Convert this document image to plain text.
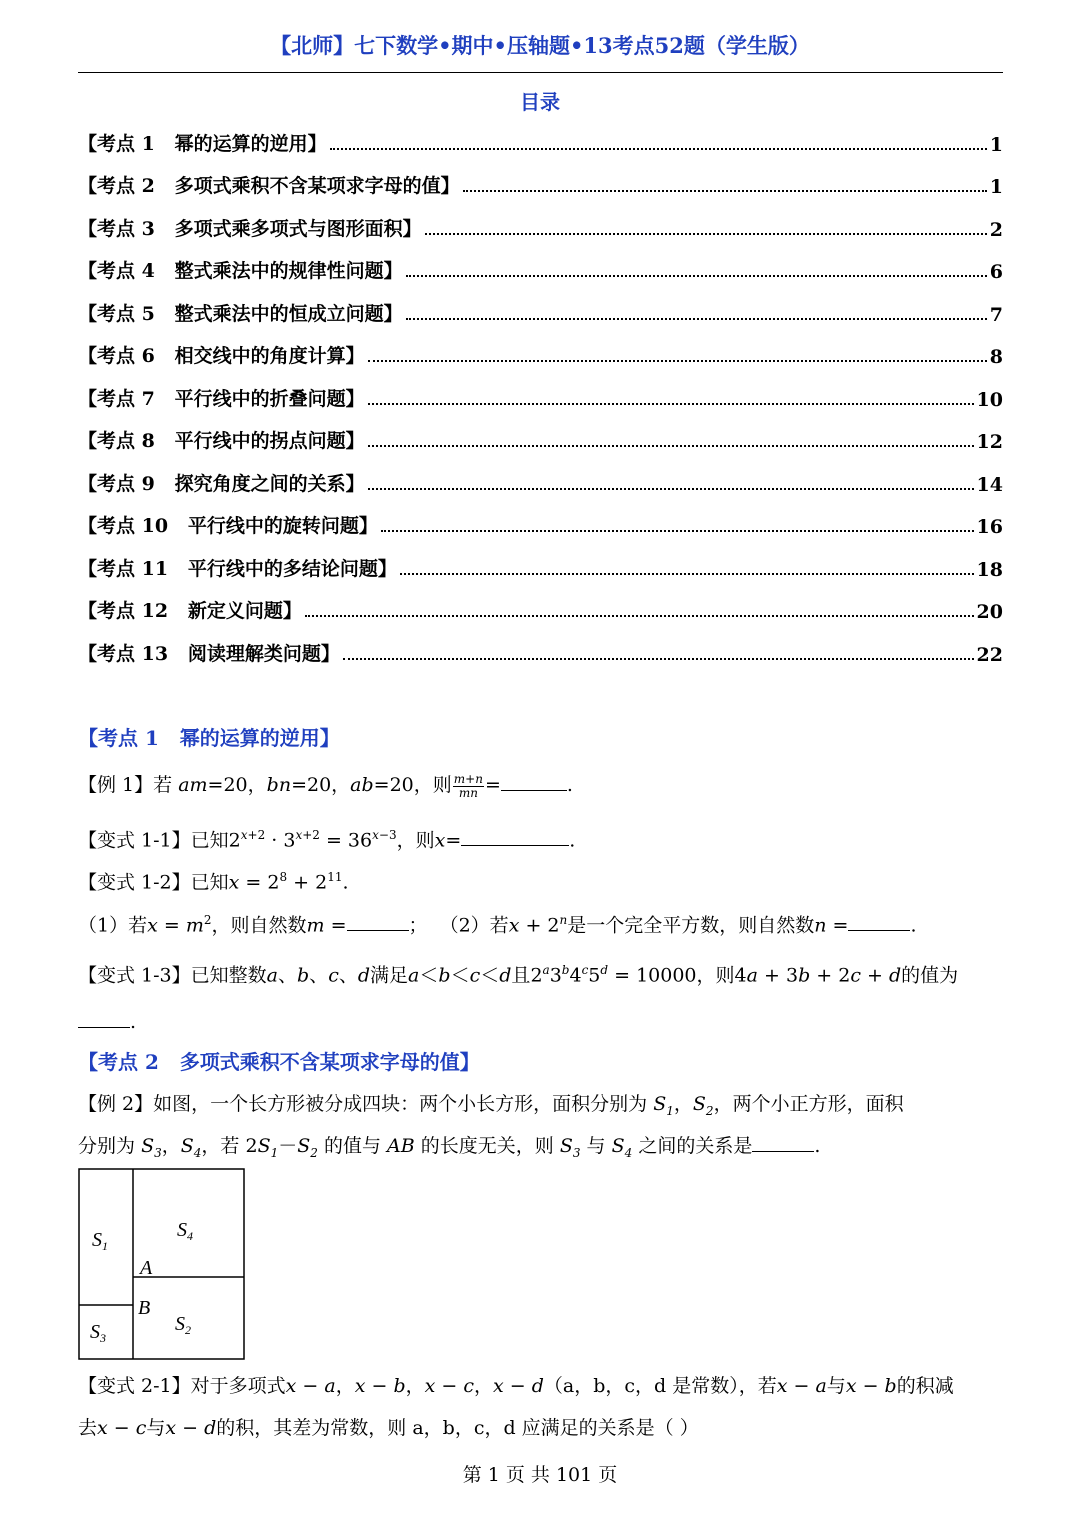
【北师】七下数学•期中•压轴题•13考点52题（学生版）
目录
【考点 1   幂的运算的逆用】	1
【考点 2   多项式乘积不含某项求字母的值】	1
【考点 3   多项式乘多项式与图形面积】	2
【考点 4   整式乘法中的规律性问题】	6
【考点 5   整式乘法中的恒成立问题】	7
【考点 6   相交线中的角度计算】	8
【考点 7   平行线中的折叠问题】	10
【考点 8   平行线中的拐点问题】	12
【考点 9   探究角度之间的关系】	14
【考点 10   平行线中的旋转问题】	16
【考点 11   平行线中的多结论问题】	18
【考点 12   新定义问题】	20
【考点 13   阅读理解类问题】	22
【考点 1   幂的运算的逆用】
【例 1】若 am=20，bn=20，ab=20，则 $\frac{m+n}{mn}$ =	.
【变式 1-1】已知$2^{x+2} \cdot 3^{x+2} = 36^{x-3}$，则x=	.
【变式 1-2】已知$x = 2^8 + 2^{11}$.
（1）若$x = m^2$，则自然数m =	；  （2）若$x + 2^n$是一个完全平方数，则自然数n =	.
【变式 1-3】已知整数a、b、c、d满足a＜b＜c＜d且$2^a3^b4^c5^d = 10000$，则4a + 3b + 2c + d的值为
.
【考点 2   多项式乘积不含某项求字母的值】
【例 2】如图，一个长方形被分成四块：两个小长方形，面积分别为 $S_1$，$S_2$，两个小正方形，面积
分别为 $S_3$，$S_4$，若 $2S_1-S_2$ 的值与 AB 的长度无关，则 $S_3$ 与 $S_4$ 之间的关系是	.
$S_1$
$S_4$
A
B
$S_2$
$S_3$
【变式 2-1】对于多项式x − a，x − b，x − c，x − d（a，b，c，d 是常数），若x − a与x − b的积减
去x − c与x − d的积，其差为常数，则 a，b，c，d 应满足的关系是（ ）
第 1 页 共 101 页
